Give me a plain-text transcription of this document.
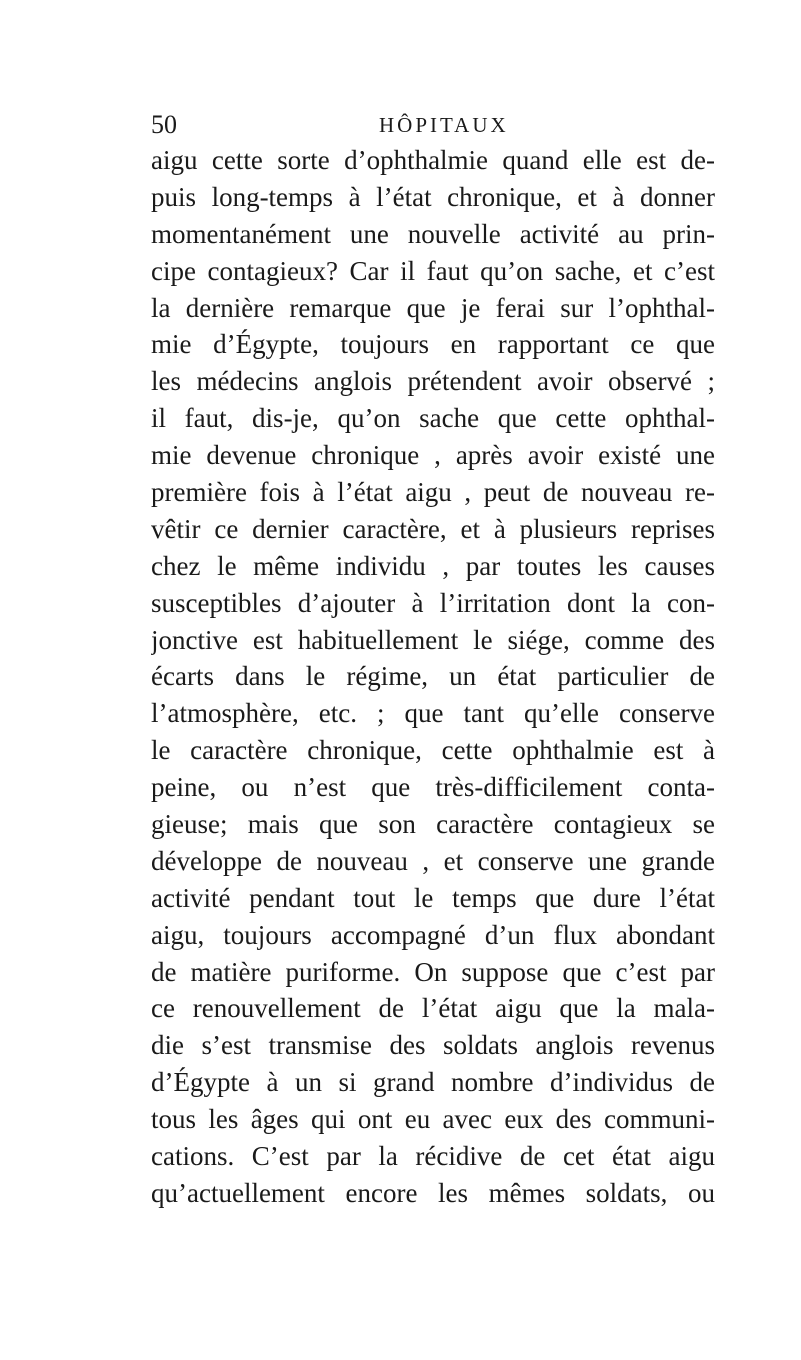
50	HÔPITAUX
aigu cette sorte d’ophthalmie quand elle est de-
puis long-temps à l’état chronique, et à donner
momentanément une nouvelle activité au prin-
cipe contagieux? Car il faut qu’on sache, et c’est
la dernière remarque que je ferai sur l’ophthal-
mie d’Égypte, toujours en rapportant ce que
les médecins anglois prétendent avoir observé ;
il faut, dis-je, qu’on sache que cette ophthal-
mie devenue chronique , après avoir existé une
première fois à l’état aigu , peut de nouveau re-
vêtir ce dernier caractère, et à plusieurs reprises
chez le même individu , par toutes les causes
susceptibles d’ajouter à l’irritation dont la con-
jonctive est habituellement le siége, comme des
écarts dans le régime, un état particulier de
l’atmosphère, etc. ; que tant qu’elle conserve
le caractère chronique, cette ophthalmie est à
peine, ou n’est que très-difficilement conta-
gieuse; mais que son caractère contagieux se
développe de nouveau , et conserve une grande
activité pendant tout le temps que dure l’état
aigu, toujours accompagné d’un flux abondant
de matière puriforme. On suppose que c’est par
ce renouvellement de l’état aigu que la mala-
die s’est transmise des soldats anglois revenus
d’Égypte à un si grand nombre d’individus de
tous les âges qui ont eu avec eux des communi-
cations. C’est par la récidive de cet état aigu
qu’actuellement encore les mêmes soldats, ou
